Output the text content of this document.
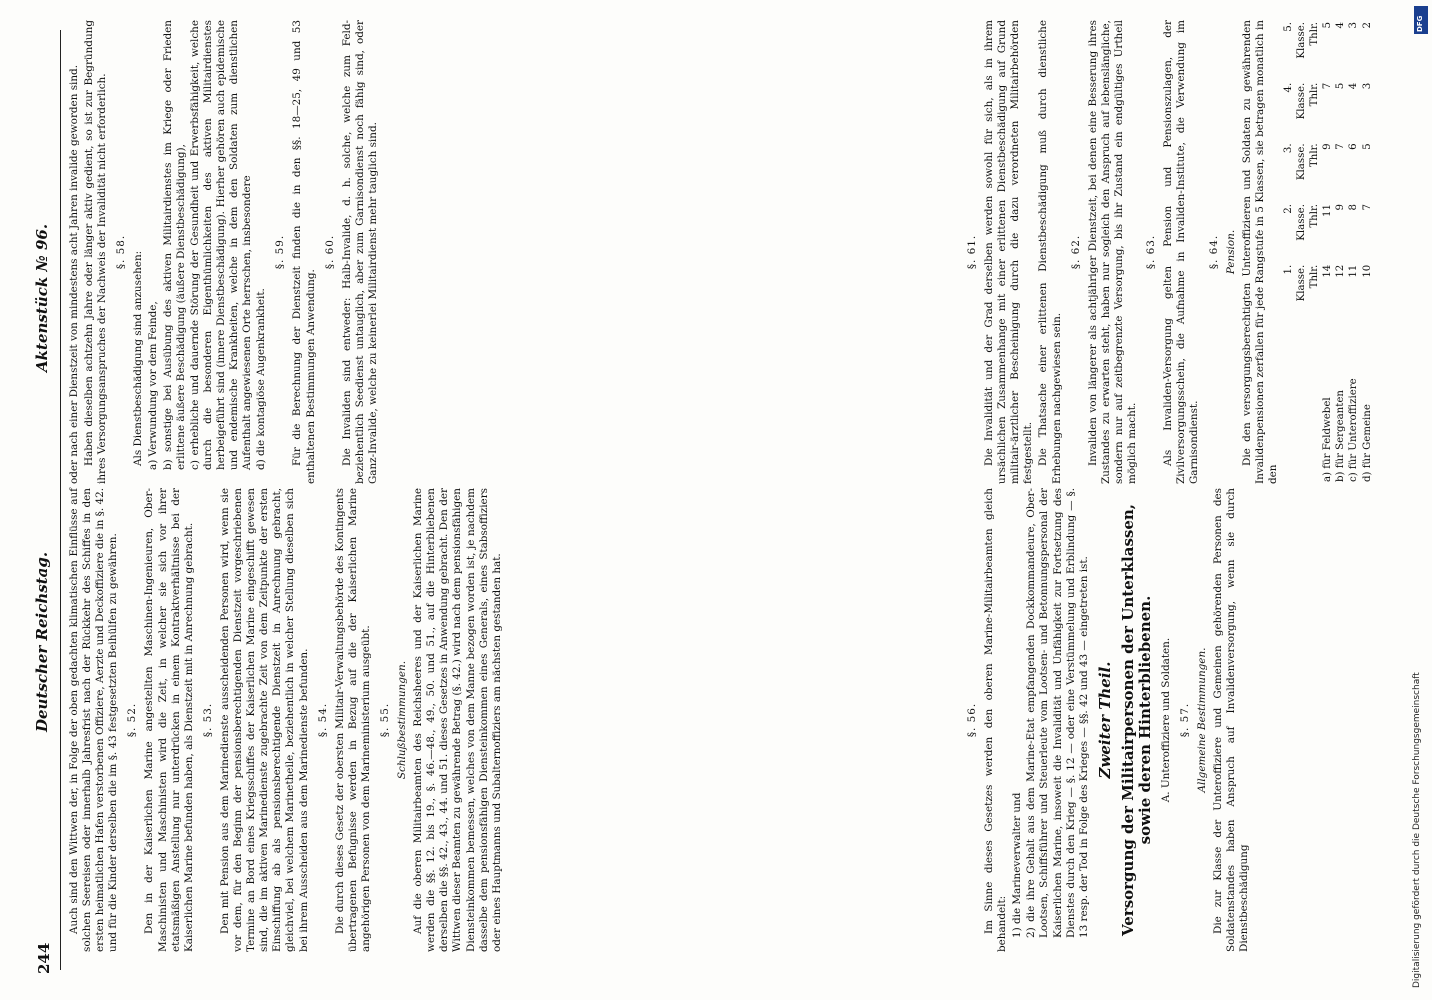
244
Deutscher Reichstag.
Aktenstück № 96.

Auch sind den Wittwen der, in Folge der oben gedachten klimatischen Einflüsse auf solchen Seereisen oder innerhalb Jahresfrist nach der Rückkehr des Schiffes in den ersten heimatlichen Hafen verstorbenen Offiziere, Aerzte und Deckoffiziere die in §. 42. und für die Kinder derselben die im §. 43 festgesetzten Beihülfen zu gewähren. §. 52. Den in der Kaiserlichen Marine angestellten Maschinen-Ingenieuren, Ober-Maschinisten und Maschinisten wird die Zeit, in welcher sie sich vor ihrer etatsmäßigen Anstellung nur unterdrücken in einem Kontraktverhältnisse bei der Kaiserlichen Marine befunden haben, als Dienstzeit mit in Anrechnung gebracht. §. 53. Den mit Pension aus dem Marinedienste ausscheidenden Personen wird, wenn sie vor dem, für den Beginn der pensionsberechtigenden Dienstzeit vorgeschriebenen Termine an Bord eines Kriegsschiffes der Kaiserlichen Marine eingeschifft gewesen sind, die im aktiven Marinedienste zugebrachte Zeit von dem Zeitpunkte der ersten Einschiffung ab als pensionsberechtigende Dienstzeit in Anrechnung gebracht, gleichviel, bei welchem Marinetheile, beziehentlich in welcher Stellung dieselben sich bei ihrem Ausscheiden aus dem Marinedienste befunden. §. 54. Die durch dieses Gesetz der obersten Militair-Verwaltungsbehörde des Kontingents übertragenen Befugnisse werden in Bezug auf die der Kaiserlichen Marine angehörigen Personen von dem Marineministerium ausgeübt. §. 55. Schlußbestimmungen. Auf die oberen Militairbeamten des Reichsheeres und der Kaiserlichen Marine werden die §§. 12. bis 19., §. 46.—48., 49., 50. und 51., auf die Hinterbliebenen derselben die §§. 42., 43., 44. und 51. dieses Gesetzes in Anwendung gebracht. Den der Wittwen dieser Beamten zu gewährende Betrag (§. 42.) wird nach dem pensionsfähigen Diensteinkommen bemessen, welches von dem Manne bezogen worden ist, je nachdem dasselbe dem pensionsfähigen Diensteinkommen eines Generals, eines Stabsoffiziers oder eines Hauptmanns und Subalternoffiziers am nächsten gestanden hat.

oder nach einer Dienstzeit von mindestens acht Jahren invalide geworden sind. Haben dieselben achtzehn Jahre oder länger aktiv gedient, so ist zur Begründung ihres Versorgungsanspruches der Nachweis der Invalidität nicht erforderlich. §. 58. Als Dienstbeschädigung sind anzusehen: a) Verwundung vor dem Feinde, b) sonstige bei Ausübung des aktiven Militairdienstes im Kriege oder Frieden erlittene äußere Beschädigung (äußere Dienstbeschädigung), c) erhebliche und dauernde Störung der Gesundheit und Erwerbsfähigkeit, welche durch die besonderen Eigenthümlichkeiten des aktiven Militairdienstes herbeigeführt sind (innere Dienstbeschädigung). Hierher gehören auch epidemische und endemische Krankheiten, welche in dem den Soldaten zum dienstlichen Aufenthalt angewiesenen Orte herrschen, insbesondere d) die kontagiöse Augenkrankheit.

§. 59. Für die Berechnung der Dienstzeit finden die in den §§. 18—25, 49 und 53 enthaltenen Bestimmungen Anwendung.

§. 60. Die Invaliden sind entweder: Halb-Invalide, d. h. solche, welche zum Feld- beziehentlich Seedienst untauglich, aber zum Garnisondienst noch fähig sind, oder Ganz-Invalide, welche zu keinerlei Militairdienst mehr tauglich sind.

§. 56. Im Sinne dieses Gesetzes werden den oberen Marine-Militairbeamten gleich behandelt: 1) die Marineverwalter und 2) die ihre Gehalt aus dem Marine-Etat empfangenden Dockkommandeure, Ober-Lootsen, Schiffsführer und Steuerleute vom Lootsen- und Betonnungspersonal der Kaiserlichen Marine, insoweit die Invalidität und Unfähigkeit zur Fortsetzung des Dienstes durch den Krieg — §. 12 — oder eine Verstümmelung und Erblindung — §. 13 resp. der Tod in Folge des Krieges — §§. 42 und 43 — eingetreten ist. Zweiter Theil. Versorgung der Militairpersonen der Unterklassen, sowie deren Hinterbliebenen. A. Unteroffiziere und Soldaten. §. 57. Allgemeine Bestimmungen. Die zur Klasse der Unteroffiziere und Gemeinen gehörenden Personen des Soldatenstandes haben Anspruch auf Invalidenversorgung, wenn sie durch Dienstbeschädigung

§. 61. Die Invalidität und der Grad derselben werden sowohl für sich, als in ihrem ursächlichen Zusammenhange mit einer erlittenen Dienstbeschädigung auf Grund militair-ärztlicher Bescheinigung durch die dazu verordneten Militairbehörden festgestellt. Die Thatsache einer erlittenen Dienstbeschädigung muß durch dienstliche Erhebungen nachgewiesen sein.

§. 62. Invaliden von längerer als achtjähriger Dienstzeit, bei denen eine Besserung ihres Zustandes zu erwarten steht, haben nur sogleich den Anspruch auf lebenslängliche, sondern nur auf zeitbegrenzte Versorgung, bis ihr Zustand ein endgültiges Urtheil möglich macht.

§. 63. Als Invaliden-Versorgung gelten Pension und Pensionszulagen, der Zivilversorgungsschein, die Aufnahme in Invaliden-Institute, die Verwendung im Garnisondienst.

§. 64. Pension. Die den versorgungsberechtigten Unteroffizieren und Soldaten zu gewährenden Invalidenpensionen zerfallen für jede Rangstufe in 5 Klassen, sie betragen monatlich in den

	1.	2.	3.	4.	5.
	Klasse.	Klasse.	Klasse.	Klasse.	Klasse.
	Thlr.	Thlr.	Thlr.	Thlr.	Thlr.
a) für Feldwebel	14	11	9	7	5
b) für Sergeanten	12	9	7	5	4
c) für Unteroffiziere	11	8	6	4	3
d) für Gemeine	10	7	5	3	2	DFG
Digitalisierung gefördert durch die Deutsche Forschungsgemeinschaft
